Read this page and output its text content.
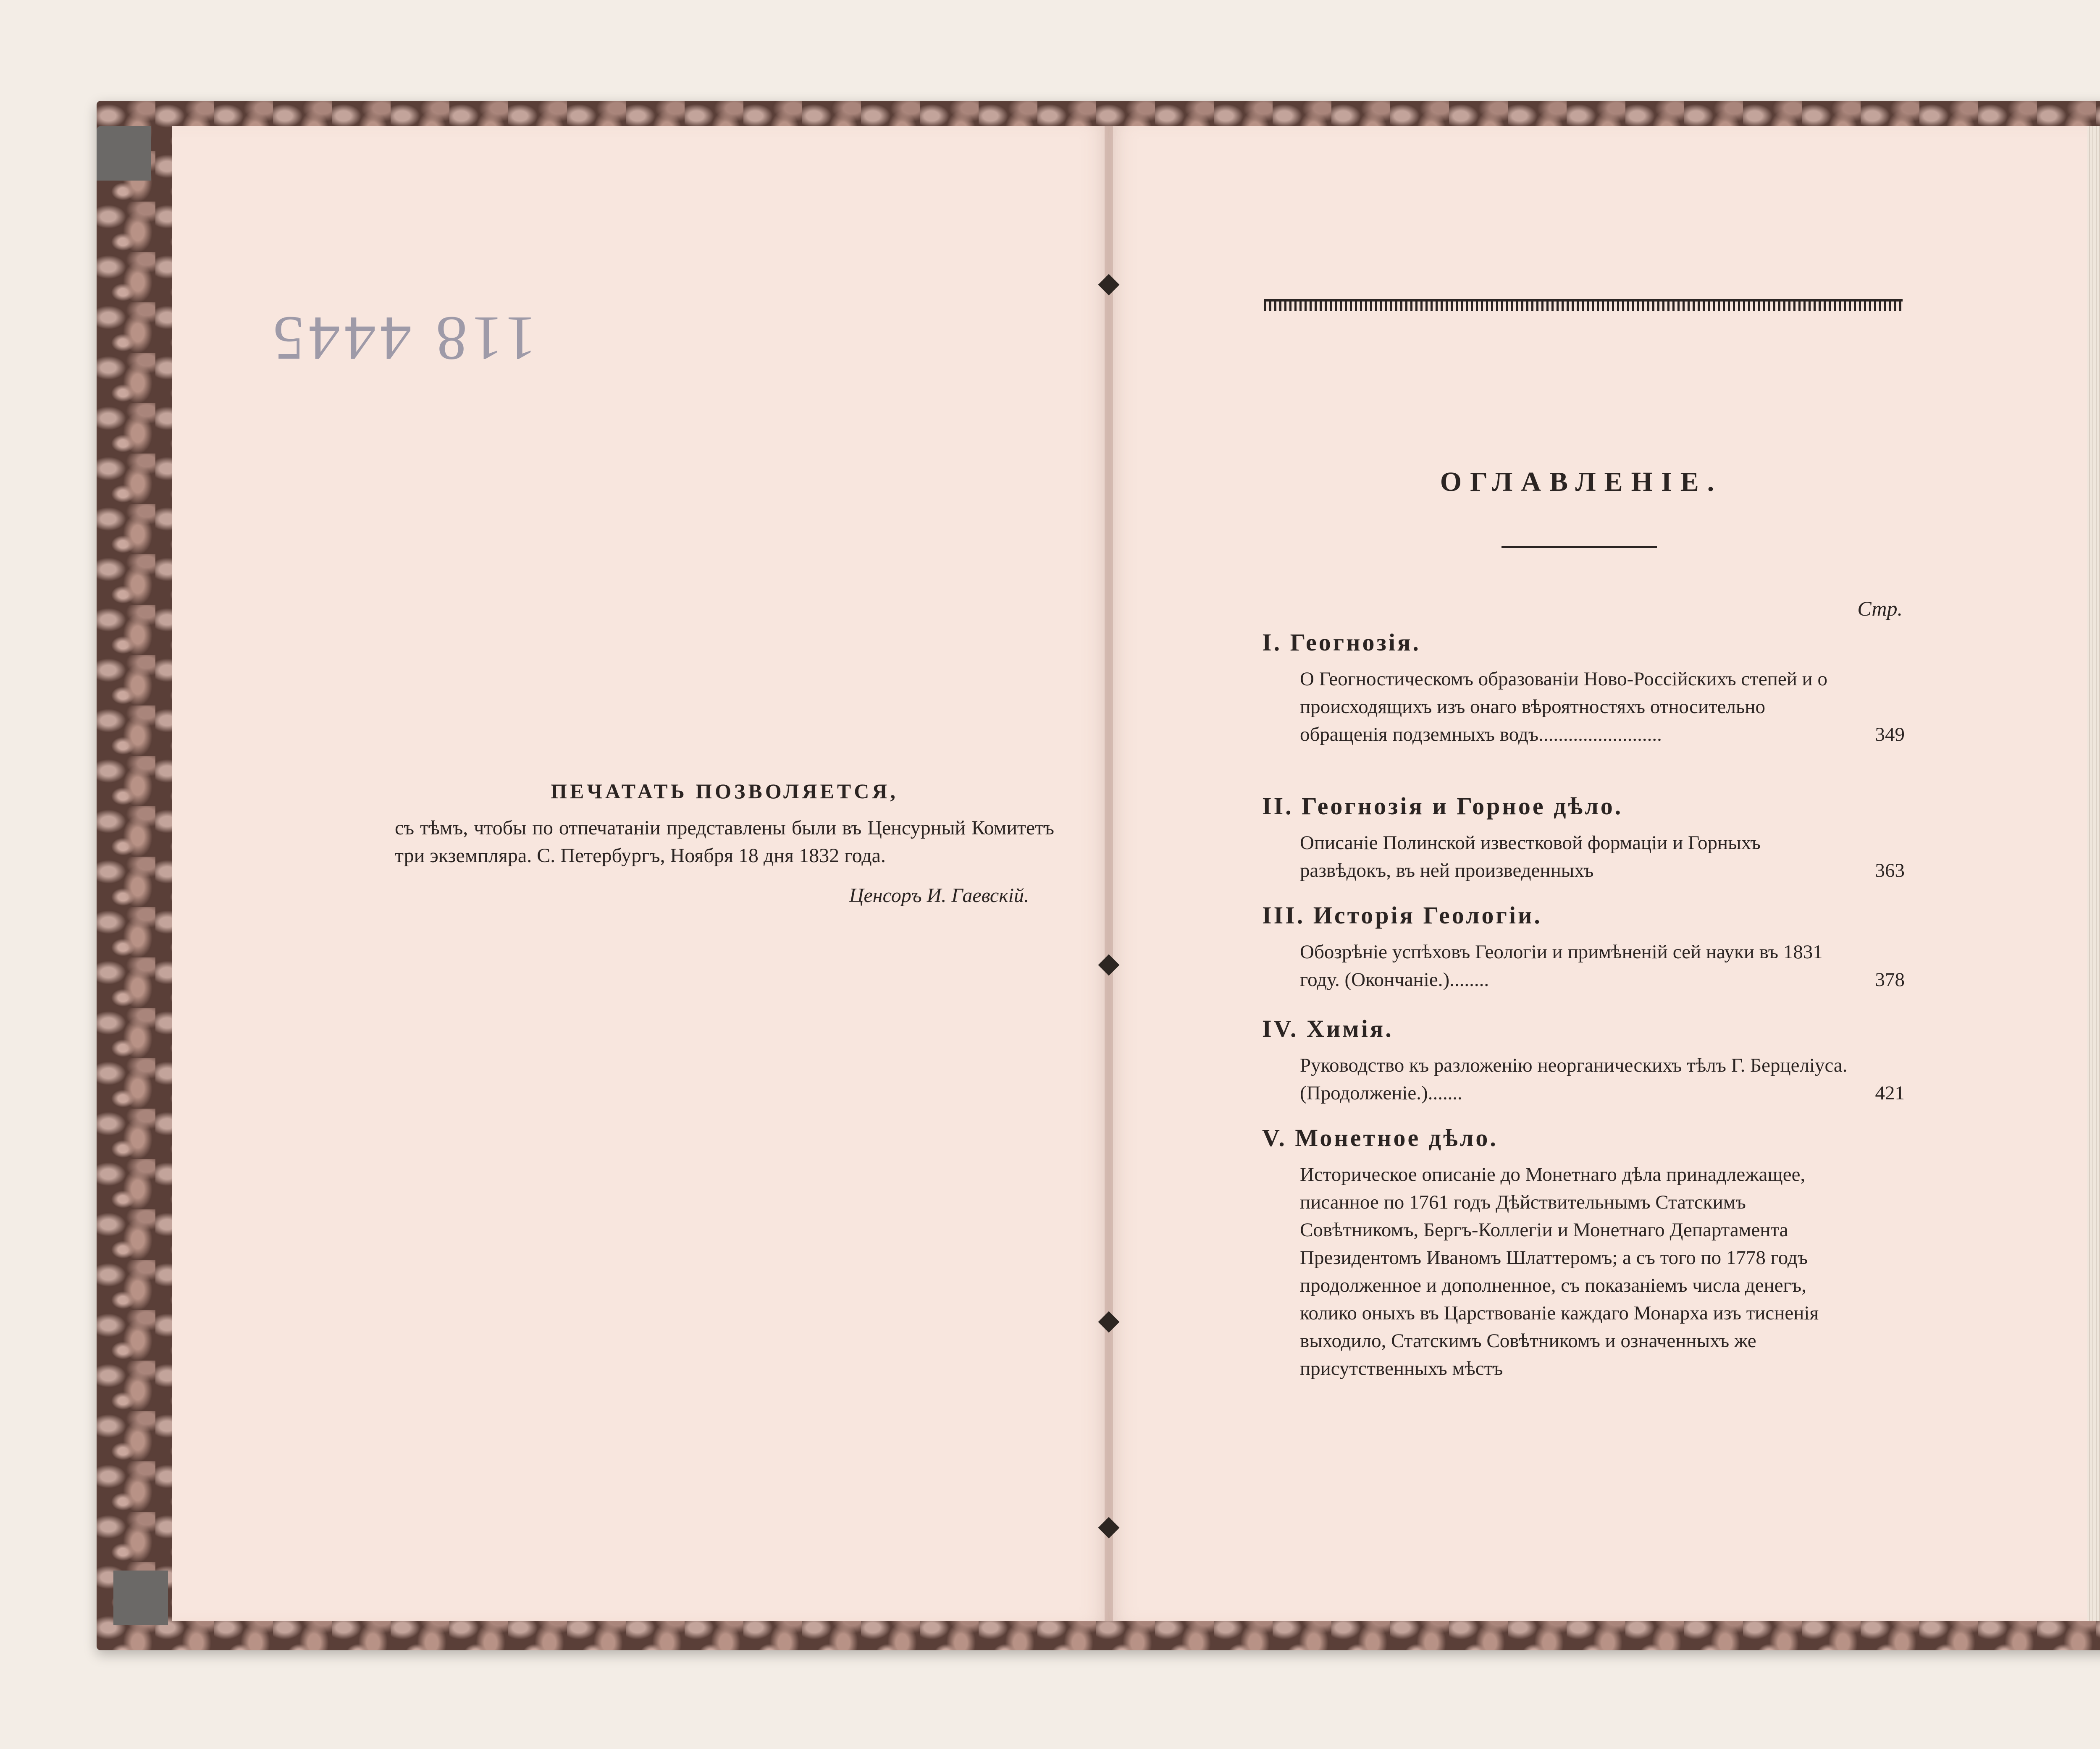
118 4445
ПЕЧАТАТЬ ПОЗВОЛЯЕТСЯ,
съ тѣмъ, чтобы по отпечатаніи представлены были въ Ценсурный Комитетъ три экземпляра. С. Петербургъ, Ноября 18 дня 1832 года.
Ценсоръ И. Гаевскій.
ОГЛАВЛЕНІЕ.
Стр.
I. Геогнозія.
О Геогностическомъ образованіи Ново-Россійскихъ степей и о происходящихъ изъ онаго вѣроятностяхъ относительно обращенія подземныхъ водъ.........................	349
II. Геогнозія и Горное дѣло.
Описаніе Полинской известковой формаціи и Горныхъ развѣдокъ, въ ней произведенныхъ	363
III. Исторія Геологіи.
Обозрѣніе успѣховъ Геологіи и примѣненій сей науки въ 1831 году. (Окончаніе.)........	378
IV. Химія.
Руководство къ разложенію неорганическихъ тѣлъ Г. Берцеліуса. (Продолженіе.).......	421
V. Монетное дѣло.
Историческое описаніе до Монетнаго дѣла принадлежащее, писанное по 1761 годъ Дѣйствительнымъ Статскимъ Совѣтникомъ, Бергъ-Коллегіи и Монетнаго Департамента Президентомъ Иваномъ Шлаттеромъ; а съ того по 1778 годъ продолженное и дополненное, съ показаніемъ числа денегъ, колико оныхъ въ Царствованіе каждаго Монарха изъ тисненія выходило, Статскимъ Совѣтникомъ и означенныхъ же присутственныхъ мѣстъ
